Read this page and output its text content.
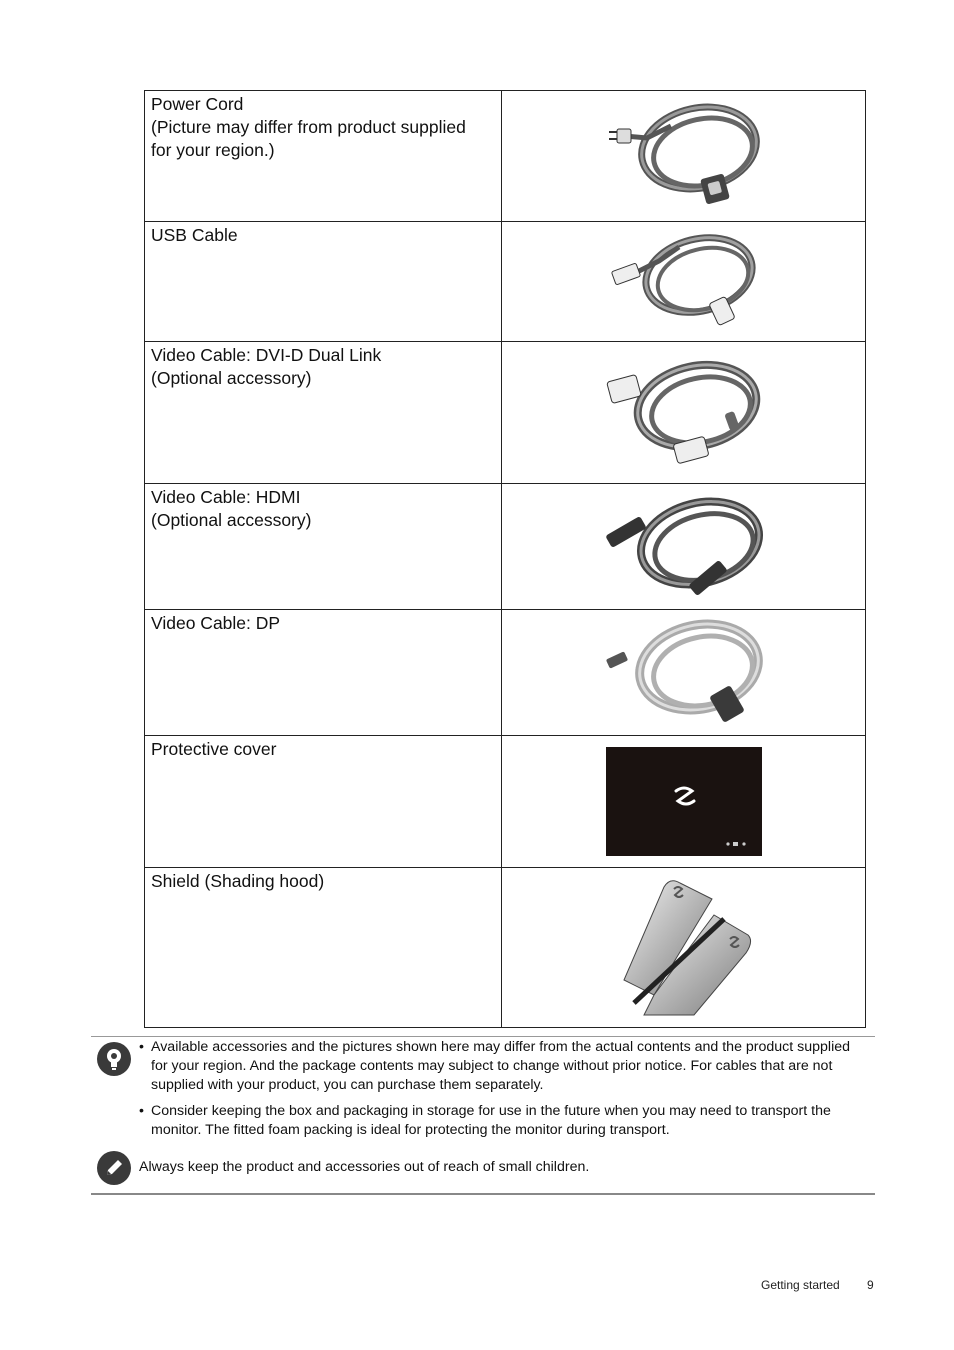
Power Cord
(Picture may differ from product supplied
for your region.)
USB Cable
Video Cable: DVI-D Dual Link
(Optional accessory)
Video Cable: HDMI
(Optional accessory)
Video Cable: DP
Protective cover
Shield (Shading hood)
• Available accessories and the pictures shown here may differ from the actual contents and the product supplied for your region. And the package contents may subject to change without prior notice. For cables that are not supplied with your product, you can purchase them separately.
• Consider keeping the box and packaging in storage for use in the future when you may need to transport the monitor. The fitted foam packing is ideal for protecting the monitor during transport.
Always keep the product and accessories out of reach of small children.
Getting started 9
